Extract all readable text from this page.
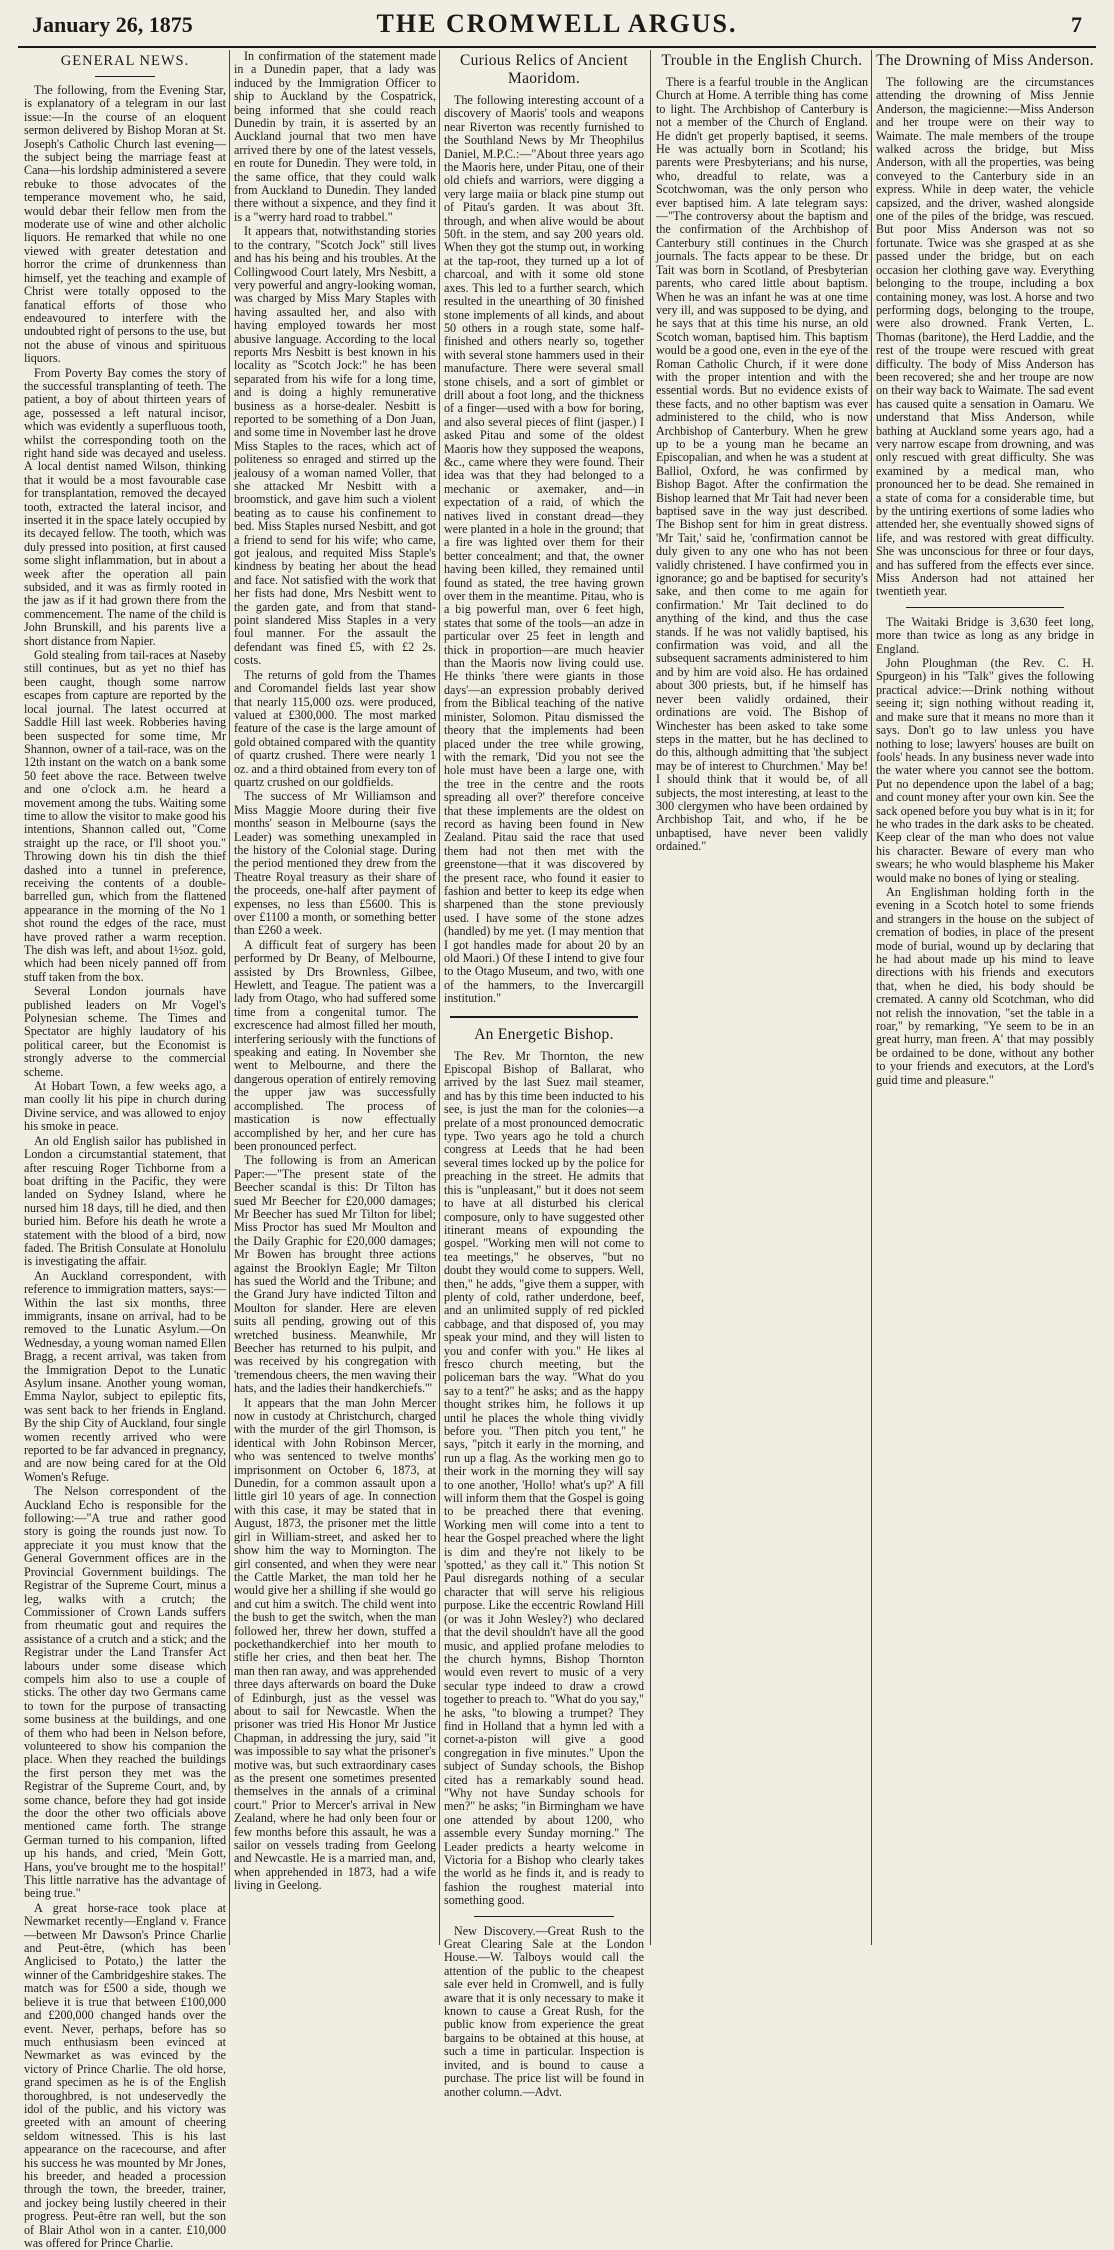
January 26, 1875	THE CROMWELL ARGUS.	7
GENERAL NEWS.

The following, from the Evening Star, is explanatory of a telegram in our last issue:—In the course of an eloquent sermon delivered by Bishop Moran at St. Joseph's Catholic Church last evening—the subject being the marriage feast at Cana—his lordship administered a severe rebuke to those advocates of the temperance movement who, he said, would debar their fellow men from the moderate use of wine and other alcholic liquors. He remarked that while no one viewed with greater detestation and horror the crime of drunkenness than himself, yet the teaching and example of Christ were totally opposed to the fanatical efforts of those who endeavoured to interfere with the undoubted right of persons to the use, but not the abuse of vinous and spirituous liquors.

From Poverty Bay comes the story of the successful transplanting of teeth. The patient, a boy of about thirteen years of age, possessed a left natural incisor, which was evidently a superfluous tooth, whilst the corresponding tooth on the right hand side was decayed and useless. A local dentist named Wilson, thinking that it would be a most favourable case for transplantation, removed the decayed tooth, extracted the lateral incisor, and inserted it in the space lately occupied by its decayed fellow. The tooth, which was duly pressed into position, at first caused some slight inflammation, but in about a week after the operation all pain subsided, and it was as firmly rooted in the jaw as if it had grown there from the commencement. The name of the child is John Brunskill, and his parents live a short distance from Napier.

Gold stealing from tail-races at Naseby still continues, but as yet no thief has been caught, though some narrow escapes from capture are reported by the local journal. The latest occurred at Saddle Hill last week. Robberies having been suspected for some time, Mr Shannon, owner of a tail-race, was on the 12th instant on the watch on a bank some 50 feet above the race. Between twelve and one o'clock a.m. he heard a movement among the tubs. Waiting some time to allow the visitor to make good his intentions, Shannon called out, "Come straight up the race, or I'll shoot you." Throwing down his tin dish the thief dashed into a tunnel in preference, receiving the contents of a double-barrelled gun, which from the flattened appearance in the morning of the No 1 shot round the edges of the race, must have proved rather a warm reception. The dish was left, and about 1½oz. gold, which had been nicely panned off from stuff taken from the box.

Several London journals have published leaders on Mr Vogel's Polynesian scheme. The Times and Spectator are highly laudatory of his political career, but the Economist is strongly adverse to the commercial scheme.

At Hobart Town, a few weeks ago, a man coolly lit his pipe in church during Divine service, and was allowed to enjoy his smoke in peace.

An old English sailor has published in London a circumstantial statement, that after rescuing Roger Tichborne from a boat drifting in the Pacific, they were landed on Sydney Island, where he nursed him 18 days, till he died, and then buried him. Before his death he wrote a statement with the blood of a bird, now faded. The British Consulate at Honolulu is investigating the affair.

An Auckland correspondent, with reference to immigration matters, says:—Within the last six months, three immigrants, insane on arrival, had to be removed to the Lunatic Asylum.—On Wednesday, a young woman named Ellen Bragg, a recent arrival, was taken from the Immigration Depot to the Lunatic Asylum insane. Another young woman, Emma Naylor, subject to epileptic fits, was sent back to her friends in England. By the ship City of Auckland, four single women recently arrived who were reported to be far advanced in pregnancy, and are now being cared for at the Old Women's Refuge.

The Nelson correspondent of the Auckland Echo is responsible for the following:—"A true and rather good story is going the rounds just now. To appreciate it you must know that the General Government offices are in the Provincial Government buildings. The Registrar of the Supreme Court, minus a leg, walks with a crutch; the Commissioner of Crown Lands suffers from rheumatic gout and requires the assistance of a crutch and a stick; and the Registrar under the Land Transfer Act labours under some disease which compels him also to use a couple of sticks. The other day two Germans came to town for the purpose of transacting some business at the buildings, and one of them who had been in Nelson before, volunteered to show his companion the place. When they reached the buildings the first person they met was the Registrar of the Supreme Court, and, by some chance, before they had got inside the door the other two officials above mentioned came forth. The strange German turned to his companion, lifted up his hands, and cried, 'Mein Gott, Hans, you've brought me to the hospital!' This little narrative has the advantage of being true."

A great horse-race took place at Newmarket recently—England v. France—between Mr Dawson's Prince Charlie and Peut-être, (which has been Anglicised to Potato,) the latter the winner of the Cambridgeshire stakes. The match was for £500 a side, though we believe it is true that between £100,000 and £200,000 changed hands over the event. Never, perhaps, before has so much enthusiasm been evinced at Newmarket as was evinced by the victory of Prince Charlie. The old horse, grand specimen as he is of the English thoroughbred, is not undeservedly the idol of the public, and his victory was greeted with an amount of cheering seldom witnessed. This is his last appearance on the racecourse, and after his success he was mounted by Mr Jones, his breeder, and headed a procession through the town, the breeder, trainer, and jockey being lustily cheered in their progress. Peut-être ran well, but the son of Blair Athol won in a canter. £10,000 was offered for Prince Charlie.

In confirmation of the statement made in a Dunedin paper, that a lady was induced by the Immigration Officer to ship to Auckland by the Cospatrick, being informed that she could reach Dunedin by train, it is asserted by an Auckland journal that two men have arrived there by one of the latest vessels, en route for Dunedin. They were told, in the same office, that they could walk from Auckland to Dunedin. They landed there without a sixpence, and they find it is a "werry hard road to trabbel."

It appears that, notwithstanding stories to the contrary, "Scotch Jock" still lives and has his being and his troubles. At the Collingwood Court lately, Mrs Nesbitt, a very powerful and angry-looking woman, was charged by Miss Mary Staples with having assaulted her, and also with having employed towards her most abusive language. According to the local reports Mrs Nesbitt is best known in his locality as "Scotch Jock:" he has been separated from his wife for a long time, and is doing a highly remunerative business as a horse-dealer. Nesbitt is reported to be something of a Don Juan, and some time in November last he drove Miss Staples to the races, which act of politeness so enraged and stirred up the jealousy of a woman named Voller, that she attacked Mr Nesbitt with a broomstick, and gave him such a violent beating as to cause his confinement to bed. Miss Staples nursed Nesbitt, and got a friend to send for his wife; who came, got jealous, and requited Miss Staple's kindness by beating her about the head and face. Not satisfied with the work that her fists had done, Mrs Nesbitt went to the garden gate, and from that stand-point slandered Miss Staples in a very foul manner. For the assault the defendant was fined £5, with £2 2s. costs.

The returns of gold from the Thames and Coromandel fields last year show that nearly 115,000 ozs. were produced, valued at £300,000. The most marked feature of the case is the large amount of gold obtained compared with the quantity of quartz crushed. There were nearly 1 oz. and a third obtained from every ton of quartz crushed on our goldfields.

The success of Mr Williamson and Miss Maggie Moore during their five months' season in Melbourne (says the Leader) was something unexampled in the history of the Colonial stage. During the period mentioned they drew from the Theatre Royal treasury as their share of the proceeds, one-half after payment of expenses, no less than £5600. This is over £1100 a month, or something better than £260 a week.

A difficult feat of surgery has been performed by Dr Beany, of Melbourne, assisted by Drs Brownless, Gilbee, Hewlett, and Teague. The patient was a lady from Otago, who had suffered some time from a congenital tumor. The excrescence had almost filled her mouth, interfering seriously with the functions of speaking and eating. In November she went to Melbourne, and there the dangerous operation of entirely removing the upper jaw was successfully accomplished. The process of mastication is now effectually accomplished by her, and her cure has been pronounced perfect.

The following is from an American Paper:—"The present state of the Beecher scandal is this: Dr Tilton has sued Mr Beecher for £20,000 damages; Mr Beecher has sued Mr Tilton for libel; Miss Proctor has sued Mr Moulton and the Daily Graphic for £20,000 damages; Mr Bowen has brought three actions against the Brooklyn Eagle; Mr Tilton has sued the World and the Tribune; and the Grand Jury have indicted Tilton and Moulton for slander. Here are eleven suits all pending, growing out of this wretched business. Meanwhile, Mr Beecher has returned to his pulpit, and was received by his congregation with 'tremendous cheers, the men waving their hats, and the ladies their handkerchiefs.'"

It appears that the man John Mercer now in custody at Christchurch, charged with the murder of the girl Thomson, is identical with John Robinson Mercer, who was sentenced to twelve months' imprisonment on October 6, 1873, at Dunedin, for a common assault upon a little girl 10 years of age. In connection with this case, it may be stated that in August, 1873, the prisoner met the little girl in William-street, and asked her to show him the way to Mornington. The girl consented, and when they were near the Cattle Market, the man told her he would give her a shilling if she would go and cut him a switch. The child went into the bush to get the switch, when the man followed her, threw her down, stuffed a pockethandkerchief into her mouth to stifle her cries, and then beat her. The man then ran away, and was apprehended three days afterwards on board the Duke of Edinburgh, just as the vessel was about to sail for Newcastle. When the prisoner was tried His Honor Mr Justice Chapman, in addressing the jury, said "it was impossible to say what the prisoner's motive was, but such extraordinary cases as the present one sometimes presented themselves in the annals of a criminal court." Prior to Mercer's arrival in New Zealand, where he had only been four or few months before this assault, he was a sailor on vessels trading from Geelong and Newcastle. He is a married man, and, when apprehended in 1873, had a wife living in Geelong.

Curious Relics of Ancient Maoridom.

The following interesting account of a discovery of Maoris' tools and weapons near Riverton was recently furnished to the Southland News by Mr Theophilus Daniel, M.P.C.:—"About three years ago the Maoris here, under Pitau, one of their old chiefs and warriors, were digging a very large maiia or black pine stump out of Pitau's garden. It was about 3ft. through, and when alive would be about 50ft. in the stem, and say 200 years old. When they got the stump out, in working at the tap-root, they turned up a lot of charcoal, and with it some old stone axes. This led to a further search, which resulted in the unearthing of 30 finished stone implements of all kinds, and about 50 others in a rough state, some half-finished and others nearly so, together with several stone hammers used in their manufacture. There were several small stone chisels, and a sort of gimblet or drill about a foot long, and the thickness of a finger—used with a bow for boring, and also several pieces of flint (jasper.) I asked Pitau and some of the oldest Maoris how they supposed the weapons, &c., came where they were found. Their idea was that they had belonged to a mechanic or axemaker, and—in expectation of a raid, of which the natives lived in constant dread—they were planted in a hole in the ground; that a fire was lighted over them for their better concealment; and that, the owner having been killed, they remained until found as stated, the tree having grown over them in the meantime. Pitau, who is a big powerful man, over 6 feet high, states that some of the tools—an adze in particular over 25 feet in length and thick in proportion—are much heavier than the Maoris now living could use. He thinks 'there were giants in those days'—an expression probably derived from the Biblical teaching of the native minister, Solomon. Pitau dismissed the theory that the implements had been placed under the tree while growing, with the remark, 'Did you not see the hole must have been a large one, with the tree in the centre and the roots spreading all over?' therefore conceive that these implements are the oldest on record as having been found in New Zealand. Pitau said the race that used them had not then met with the greenstone—that it was discovered by the present race, who found it easier to fashion and better to keep its edge when sharpened than the stone previously used. I have some of the stone adzes (handled) by me yet. (I may mention that I got handles made for about 20 by an old Maori.) Of these I intend to give four to the Otago Museum, and two, with one of the hammers, to the Invercargill institution."

An Energetic Bishop.

The Rev. Mr Thornton, the new Episcopal Bishop of Ballarat, who arrived by the last Suez mail steamer, and has by this time been inducted to his see, is just the man for the colonies—a prelate of a most pronounced democratic type. Two years ago he told a church congress at Leeds that he had been several times locked up by the police for preaching in the street. He admits that this is "unpleasant," but it does not seem to have at all disturbed his clerical composure, only to have suggested other itinerant means of expounding the gospel. "Working men will not come to tea meetings," he observes, "but no doubt they would come to suppers. Well, then," he adds, "give them a supper, with plenty of cold, rather underdone, beef, and an unlimited supply of red pickled cabbage, and that disposed of, you may speak your mind, and they will listen to you and confer with you." He likes al fresco church meeting, but the policeman bars the way. "What do you say to a tent?" he asks; and as the happy thought strikes him, he follows it up until he places the whole thing vividly before you. "Then pitch you tent," he says, "pitch it early in the morning, and run up a flag. As the working men go to their work in the morning they will say to one another, 'Hollo! what's up?' A fill will inform them that the Gospel is going to be preached there that evening. Working men will come into a tent to hear the Gospel preached where the light is dim and they're not likely to be 'spotted,' as they call it." This notion St Paul disregards nothing of a secular character that will serve his religious purpose. Like the eccentric Rowland Hill (or was it John Wesley?) who declared that the devil shouldn't have all the good music, and applied profane melodies to the church hymns, Bishop Thornton would even revert to music of a very secular type indeed to draw a crowd together to preach to. "What do you say," he asks, "to blowing a trumpet? They find in Holland that a hymn led with a cornet-a-piston will give a good congregation in five minutes." Upon the subject of Sunday schools, the Bishop cited has a remarkably sound head. "Why not have Sunday schools for men?" he asks; "in Birmingham we have one attended by about 1200, who assemble every Sunday morning." The Leader predicts a hearty welcome in Victoria for a Bishop who clearly takes the world as he finds it, and is ready to fashion the roughest material into something good.

New Discovery.—Great Rush to the Great Clearing Sale at the London House.—W. Talboys would call the attention of the public to the cheapest sale ever held in Cromwell, and is fully aware that it is only necessary to make it known to cause a Great Rush, for the public know from experience the great bargains to be obtained at this house, at such a time in particular. Inspection is invited, and is bound to cause a purchase. The price list will be found in another column.—Advt.

Trouble in the English Church.

There is a fearful trouble in the Anglican Church at Home. A terrible thing has come to light. The Archbishop of Canterbury is not a member of the Church of England. He didn't get properly baptised, it seems. He was actually born in Scotland; his parents were Presbyterians; and his nurse, who, dreadful to relate, was a Scotchwoman, was the only person who ever baptised him. A late telegram says:—"The controversy about the baptism and the confirmation of the Archbishop of Canterbury still continues in the Church journals. The facts appear to be these. Dr Tait was born in Scotland, of Presbyterian parents, who cared little about baptism. When he was an infant he was at one time very ill, and was supposed to be dying, and he says that at this time his nurse, an old Scotch woman, baptised him. This baptism would be a good one, even in the eye of the Roman Catholic Church, if it were done with the proper intention and with the essential words. But no evidence exists of these facts, and no other baptism was ever administered to the child, who is now Archbishop of Canterbury. When he grew up to be a young man he became an Episcopalian, and when he was a student at Balliol, Oxford, he was confirmed by Bishop Bagot. After the confirmation the Bishop learned that Mr Tait had never been baptised save in the way just described. The Bishop sent for him in great distress. 'Mr Tait,' said he, 'confirmation cannot be duly given to any one who has not been validly christened. I have confirmed you in ignorance; go and be baptised for security's sake, and then come to me again for confirmation.' Mr Tait declined to do anything of the kind, and thus the case stands. If he was not validly baptised, his confirmation was void, and all the subsequent sacraments administered to him and by him are void also. He has ordained about 300 priests, but, if he himself has never been validly ordained, their ordinations are void. The Bishop of Winchester has been asked to take some steps in the matter, but he has declined to do this, although admitting that 'the subject may be of interest to Churchmen.' May be! I should think that it would be, of all subjects, the most interesting, at least to the 300 clergymen who have been ordained by Archbishop Tait, and who, if he be unbaptised, have never been validly ordained."

The Drowning of Miss Anderson.

The following are the circumstances attending the drowning of Miss Jennie Anderson, the magicienne:—Miss Anderson and her troupe were on their way to Waimate. The male members of the troupe walked across the bridge, but Miss Anderson, with all the properties, was being conveyed to the Canterbury side in an express. While in deep water, the vehicle capsized, and the driver, washed alongside one of the piles of the bridge, was rescued. But poor Miss Anderson was not so fortunate. Twice was she grasped at as she passed under the bridge, but on each occasion her clothing gave way. Everything belonging to the troupe, including a box containing money, was lost. A horse and two performing dogs, belonging to the troupe, were also drowned. Frank Verten, L. Thomas (baritone), the Herd Laddie, and the rest of the troupe were rescued with great difficulty. The body of Miss Anderson has been recovered; she and her troupe are now on their way back to Waimate. The sad event has caused quite a sensation in Oamaru. We understand that Miss Anderson, while bathing at Auckland some years ago, had a very narrow escape from drowning, and was only rescued with great difficulty. She was examined by a medical man, who pronounced her to be dead. She remained in a state of coma for a considerable time, but by the untiring exertions of some ladies who attended her, she eventually showed signs of life, and was restored with great difficulty. She was unconscious for three or four days, and has suffered from the effects ever since. Miss Anderson had not attained her twentieth year.

The Waitaki Bridge is 3,630 feet long, more than twice as long as any bridge in England.

John Ploughman (the Rev. C. H. Spurgeon) in his "Talk" gives the following practical advice:—Drink nothing without seeing it; sign nothing without reading it, and make sure that it means no more than it says. Don't go to law unless you have nothing to lose; lawyers' houses are built on fools' heads. In any business never wade into the water where you cannot see the bottom. Put no dependence upon the label of a bag; and count money after your own kin. See the sack opened before you buy what is in it; for he who trades in the dark asks to be cheated. Keep clear of the man who does not value his character. Beware of every man who swears; he who would blaspheme his Maker would make no bones of lying or stealing.

An Englishman holding forth in the evening in a Scotch hotel to some friends and strangers in the house on the subject of cremation of bodies, in place of the present mode of burial, wound up by declaring that he had about made up his mind to leave directions with his friends and executors that, when he died, his body should be cremated. A canny old Scotchman, who did not relish the innovation, "set the table in a roar," by remarking, "Ye seem to be in an great hurry, man freen. A' that may possibly be ordained to be done, without any bother to your friends and executors, at the Lord's guid time and pleasure."
